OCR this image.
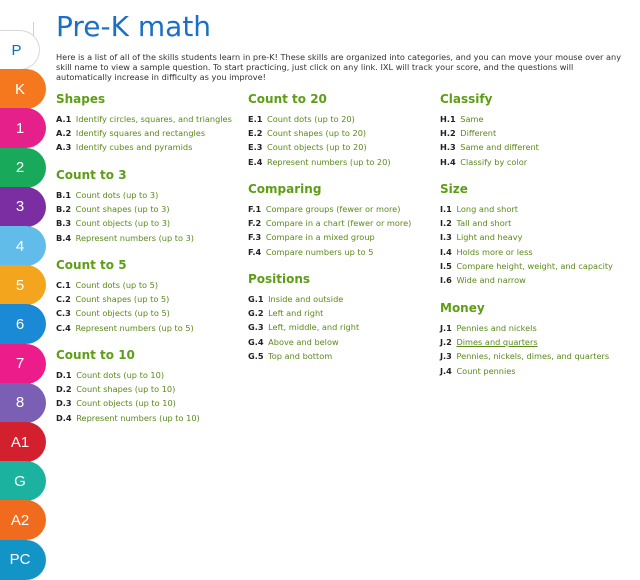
P
K
1
2
3
4
5
6
7
8
A1
G
A2
PC
Pre-K math
Here is a list of all of the skills students learn in pre-K! These skills are organized into categories, and you can move your mouse over any skill name to view a sample question. To start practicing, just click on any link. IXL will track your score, and the questions will automatically increase in difficulty as you improve!
Shapes
A.1 Identify circles, squares, and triangles
A.2 Identify squares and rectangles
A.3 Identify cubes and pyramids
Count to 3
B.1 Count dots (up to 3)
B.2 Count shapes (up to 3)
B.3 Count objects (up to 3)
B.4 Represent numbers (up to 3)
Count to 5
C.1 Count dots (up to 5)
C.2 Count shapes (up to 5)
C.3 Count objects (up to 5)
C.4 Represent numbers (up to 5)
Count to 10
D.1 Count dots (up to 10)
D.2 Count shapes (up to 10)
D.3 Count objects (up to 10)
D.4 Represent numbers (up to 10)
Count to 20
E.1 Count dots (up to 20)
E.2 Count shapes (up to 20)
E.3 Count objects (up to 20)
E.4 Represent numbers (up to 20)
Comparing
F.1 Compare groups (fewer or more)
F.2 Compare in a chart (fewer or more)
F.3 Compare in a mixed group
F.4 Compare numbers up to 5
Positions
G.1 Inside and outside
G.2 Left and right
G.3 Left, middle, and right
G.4 Above and below
G.5 Top and bottom
Classify
H.1 Same
H.2 Different
H.3 Same and different
H.4 Classify by color
Size
I.1 Long and short
I.2 Tall and short
I.3 Light and heavy
I.4 Holds more or less
I.5 Compare height, weight, and capacity
I.6 Wide and narrow
Money
J.1 Pennies and nickels
J.2 Dimes and quarters
J.3 Pennies, nickels, dimes, and quarters
J.4 Count pennies
